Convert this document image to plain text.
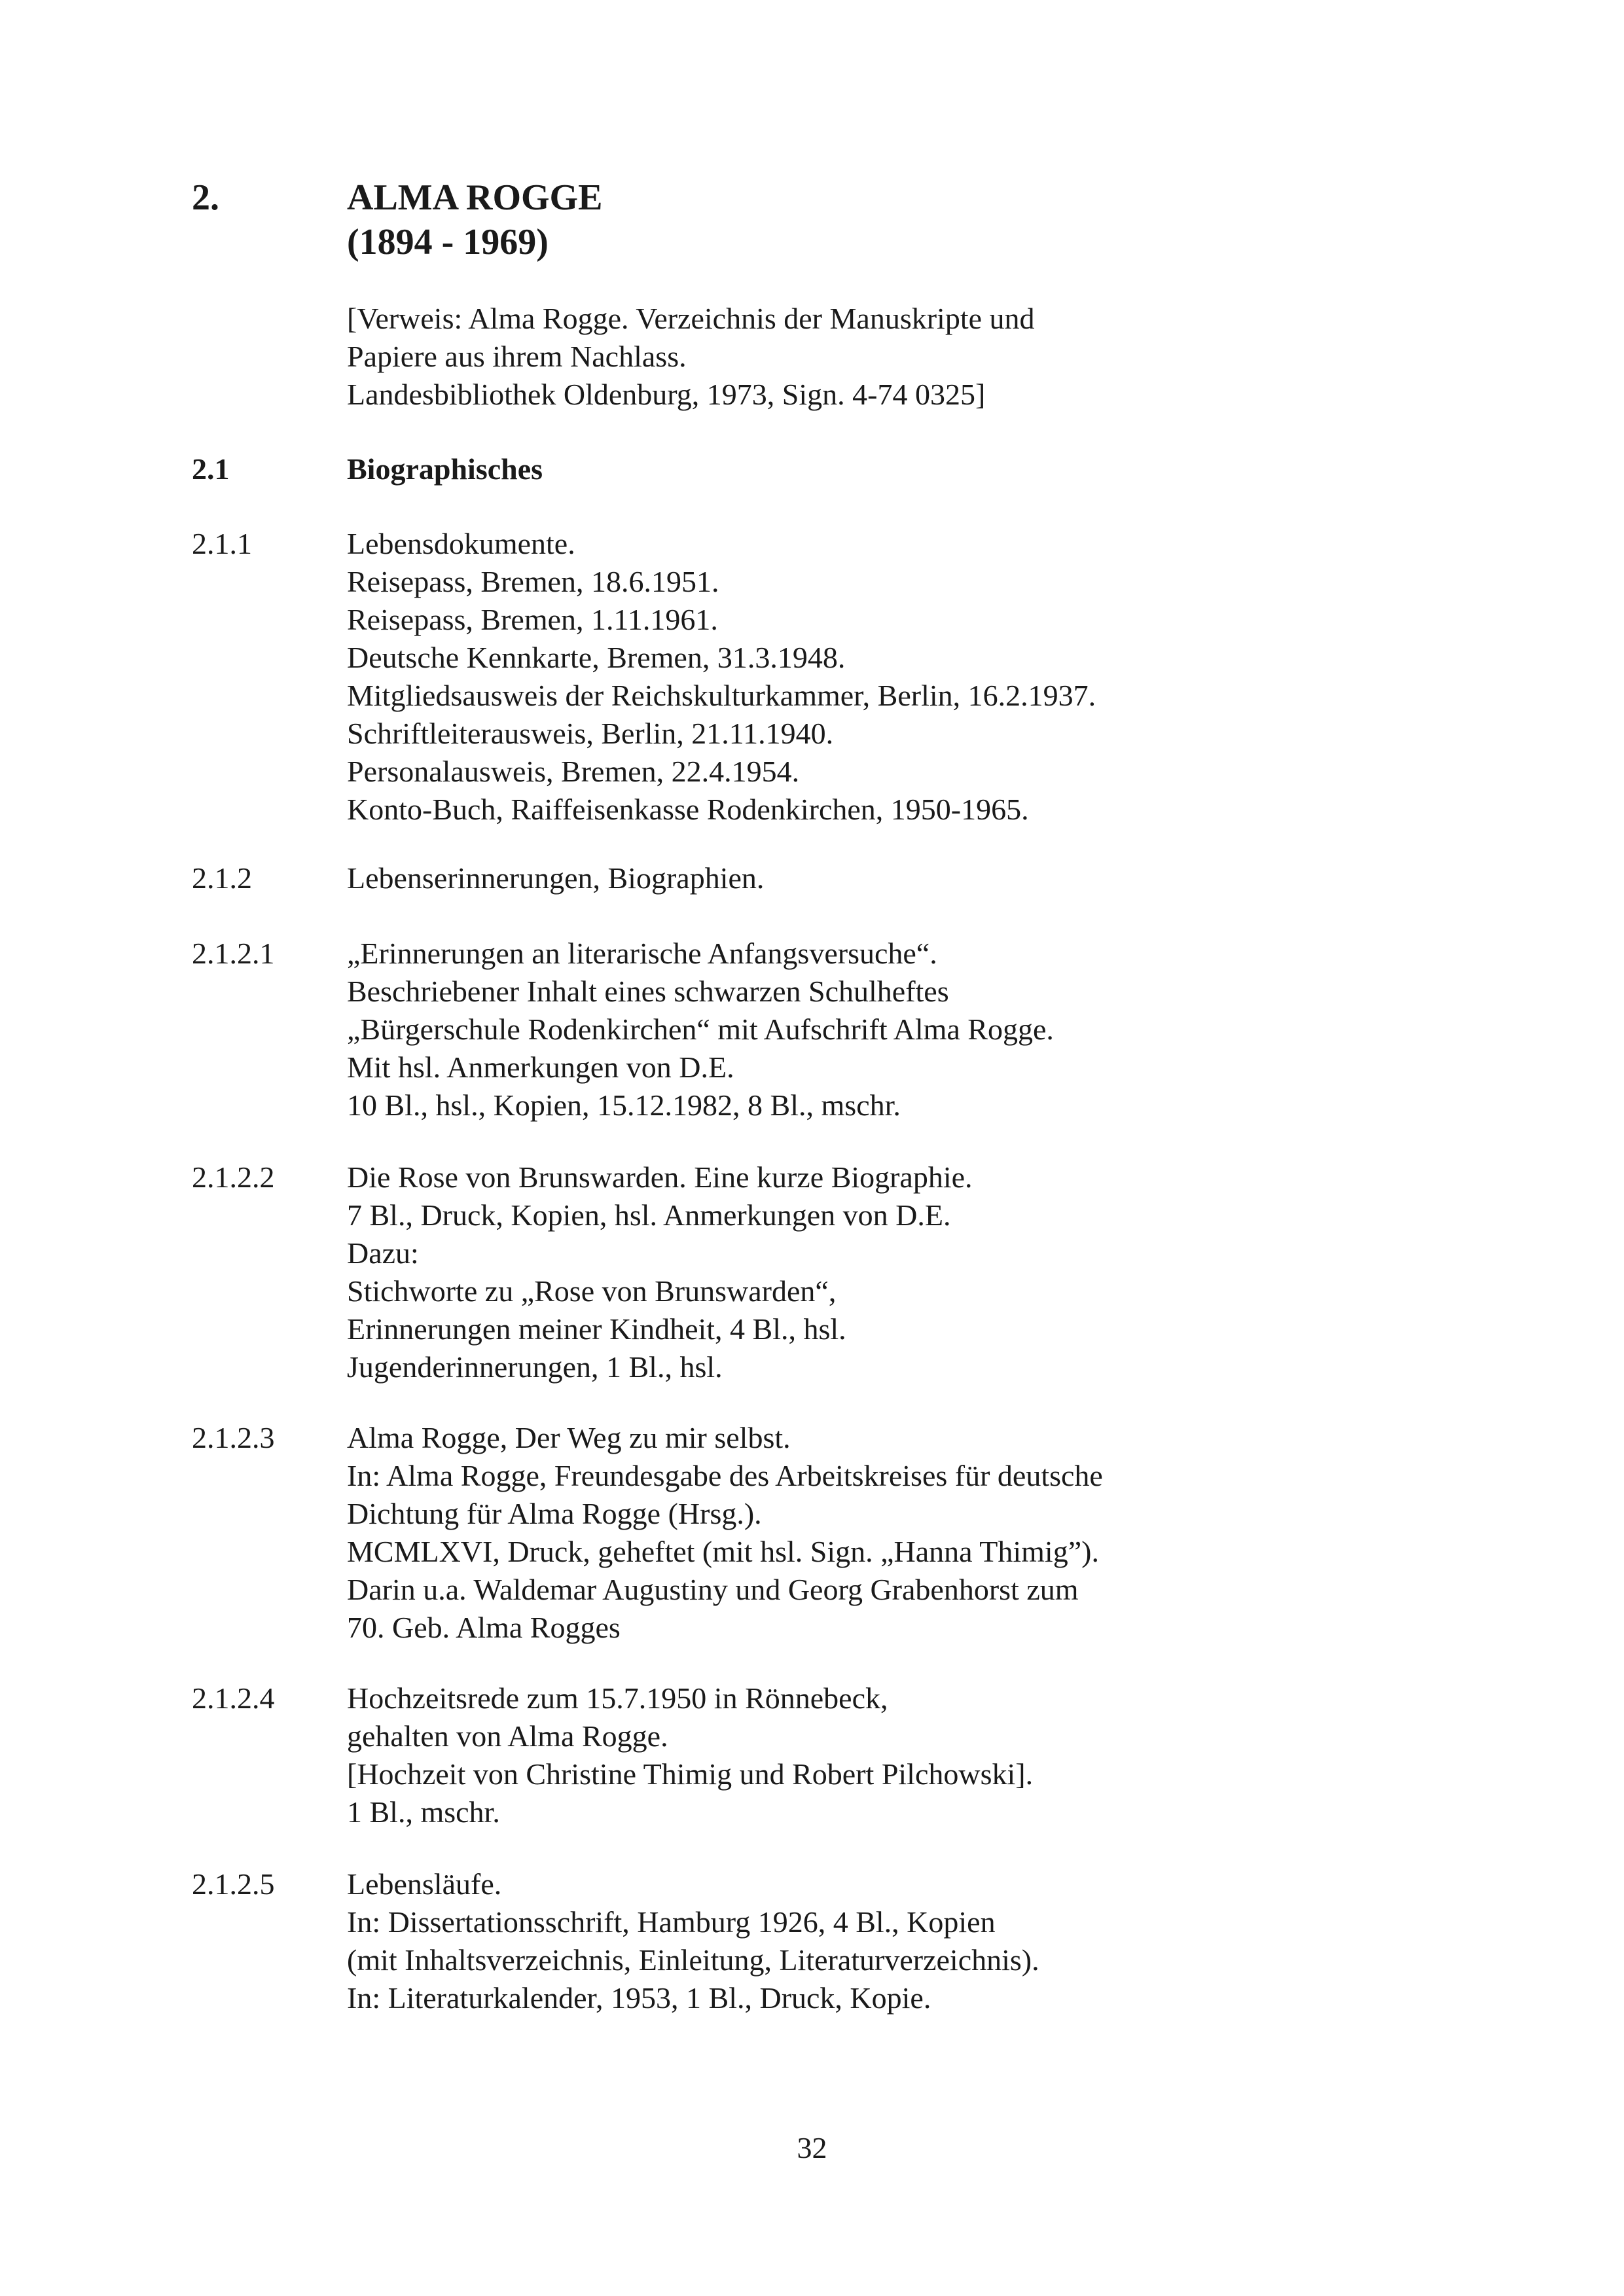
2.	ALMA ROGGE
(1894 - 1969)
[Verweis: Alma Rogge. Verzeichnis der Manuskripte und
Papiere aus ihrem Nachlass.
Landesbibliothek Oldenburg, 1973, Sign. 4-74 0325]
2.1	Biographisches
2.1.1	Lebensdokumente.
Reisepass, Bremen, 18.6.1951.
Reisepass, Bremen, 1.11.1961.
Deutsche Kennkarte, Bremen, 31.3.1948.
Mitgliedsausweis der Reichskulturkammer, Berlin, 16.2.1937.
Schriftleiterausweis, Berlin, 21.11.1940.
Personalausweis, Bremen, 22.4.1954.
Konto-Buch, Raiffeisenkasse Rodenkirchen, 1950-1965.
2.1.2	Lebenserinnerungen, Biographien.
2.1.2.1 „Erinnerungen an literarische Anfangsversuche“.
Beschriebener Inhalt eines schwarzen Schulheftes
„Bürgerschule Rodenkirchen“ mit Aufschrift Alma Rogge.
Mit hsl. Anmerkungen von D.E.
10 Bl., hsl., Kopien, 15.12.1982, 8 Bl., mschr.
2.1.2.2 Die Rose von Brunswarden. Eine kurze Biographie.
7 Bl., Druck, Kopien, hsl. Anmerkungen von D.E.
Dazu:
Stichworte zu „Rose von Brunswarden“,
Erinnerungen meiner Kindheit, 4 Bl., hsl.
Jugenderinnerungen, 1 Bl., hsl.
2.1.2.3 Alma Rogge, Der Weg zu mir selbst.
In: Alma Rogge, Freundesgabe des Arbeitskreises für deutsche
Dichtung für Alma Rogge (Hrsg.).
MCMLXVI, Druck, geheftet (mit hsl. Sign. „Hanna Thimig”).
Darin u.a. Waldemar Augustiny und Georg Grabenhorst zum
70. Geb. Alma Rogges
2.1.2.4 Hochzeitsrede zum 15.7.1950 in Rönnebeck,
gehalten von Alma Rogge.
[Hochzeit von Christine Thimig und Robert Pilchowski].
1 Bl., mschr.
2.1.2.5 Lebensläufe.
In: Dissertationsschrift, Hamburg 1926, 4 Bl., Kopien
(mit Inhaltsverzeichnis, Einleitung, Literaturverzeichnis).
In: Literaturkalender, 1953, 1 Bl., Druck, Kopie.
32
